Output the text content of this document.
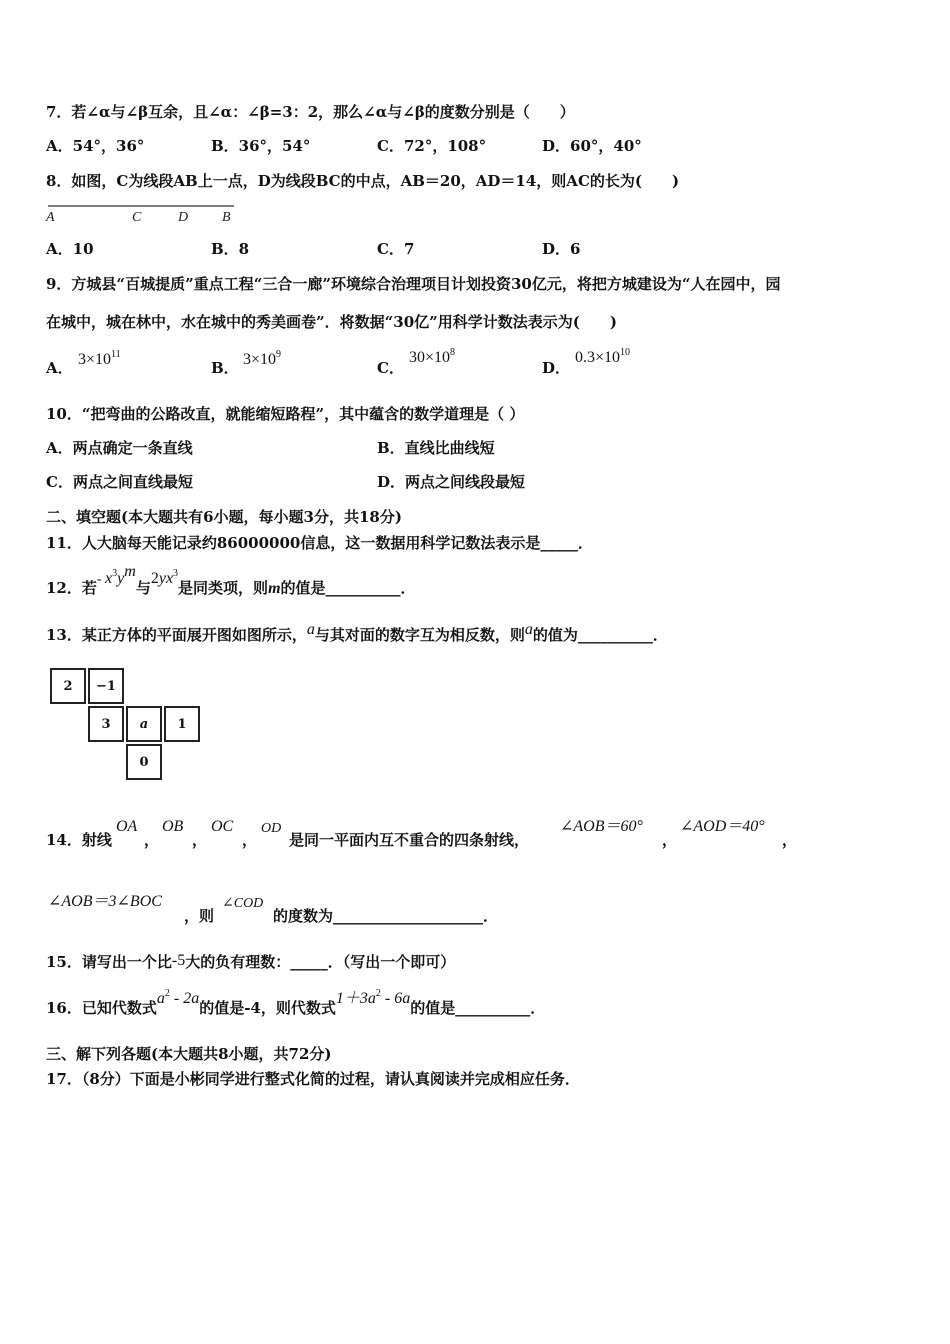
7．若∠α与∠β互余，且∠α：∠β=3：2，那么∠α与∠β的度数分别是（　　）
A．54°，36°	B．36°，54°	C．72°，108°	D．60°，40°
8．如图，C为线段AB上一点，D为线段BC的中点，AB＝20，AD＝14，则AC的长为(　　)
A	C	D B
A．10	B．8	C．7	D．6
9．方城县“百城提质”重点工程“三合一廊”环境综合治理项目计划投资30亿元，将把方城建设为“人在园中，园
在城中，城在林中，水在城中的秀美画卷”．将数据“30亿”用科学计数法表示为(　　)
A． $3\times 10^{11}$
B． $3\times 10^9$
C．
$30\times 10^8$
D．
$0.3\times 10^{10}$
10．“把弯曲的公路改直，就能缩短路程”，其中蕴含的数学道理是（ ）
A．两点确定一条直线	B．直线比曲线短
C．两点之间直线最短	D．两点之间线段最短
二、填空题(本大题共有6小题，每小题3分，共18分)
11．人大脑每天能记录约86000000信息，这一数据用科学记数法表示是_____．
12．若- $x^3y^m$与$2yx^3$是同类项，则m的值是__________．
13．某正方体的平面展开图如图所示，a与其对面的数字互为相反数，则a的值为__________．
2	−1
3	a	1
0
14．射线
OA
，
OB
，
OC
，
OD
是同一平面内互不重合的四条射线，
∠AOB＝60°
，
∠AOD＝40°
，
∠AOB＝3∠BOC
，则
∠COD
的度数为____________________．
15．请写出一个比-5大的负有理数：_____．（写出一个即可）
16．已知代数式$a^2 - 2a$的值是-4，则代数式$1+3a^2 - 6a$的值是__________．
三、解下列各题(本大题共8小题，共72分)
17．（8分）下面是小彬同学进行整式化简的过程，请认真阅读并完成相应任务．
